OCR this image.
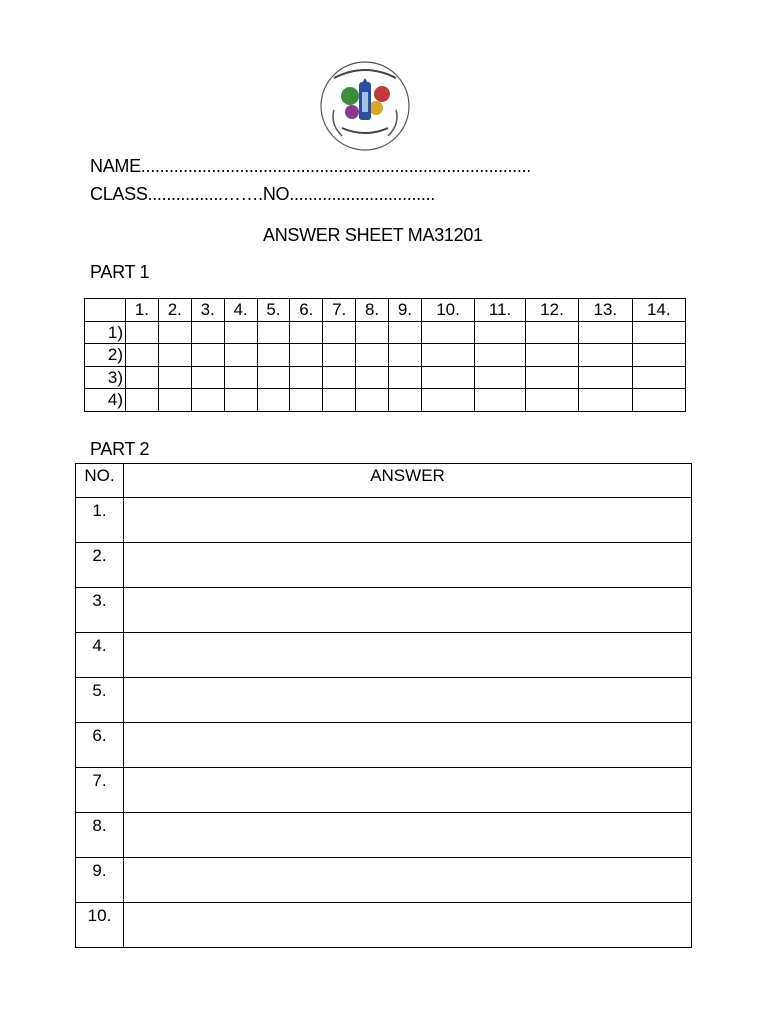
NAME...................................................................................
CLASS................…….NO...............................
ANSWER SHEET MA31201
PART 1
	1.	2.	3.	4.	5.	6.	7.	8.	9.	10.	11.	12.	13.	14.
1)														
2)														
3)														
4)														
PART 2
NO.	ANSWER
1.	
2.	
3.	
4.	
5.	
6.	
7.	
8.	
9.	
10.	
